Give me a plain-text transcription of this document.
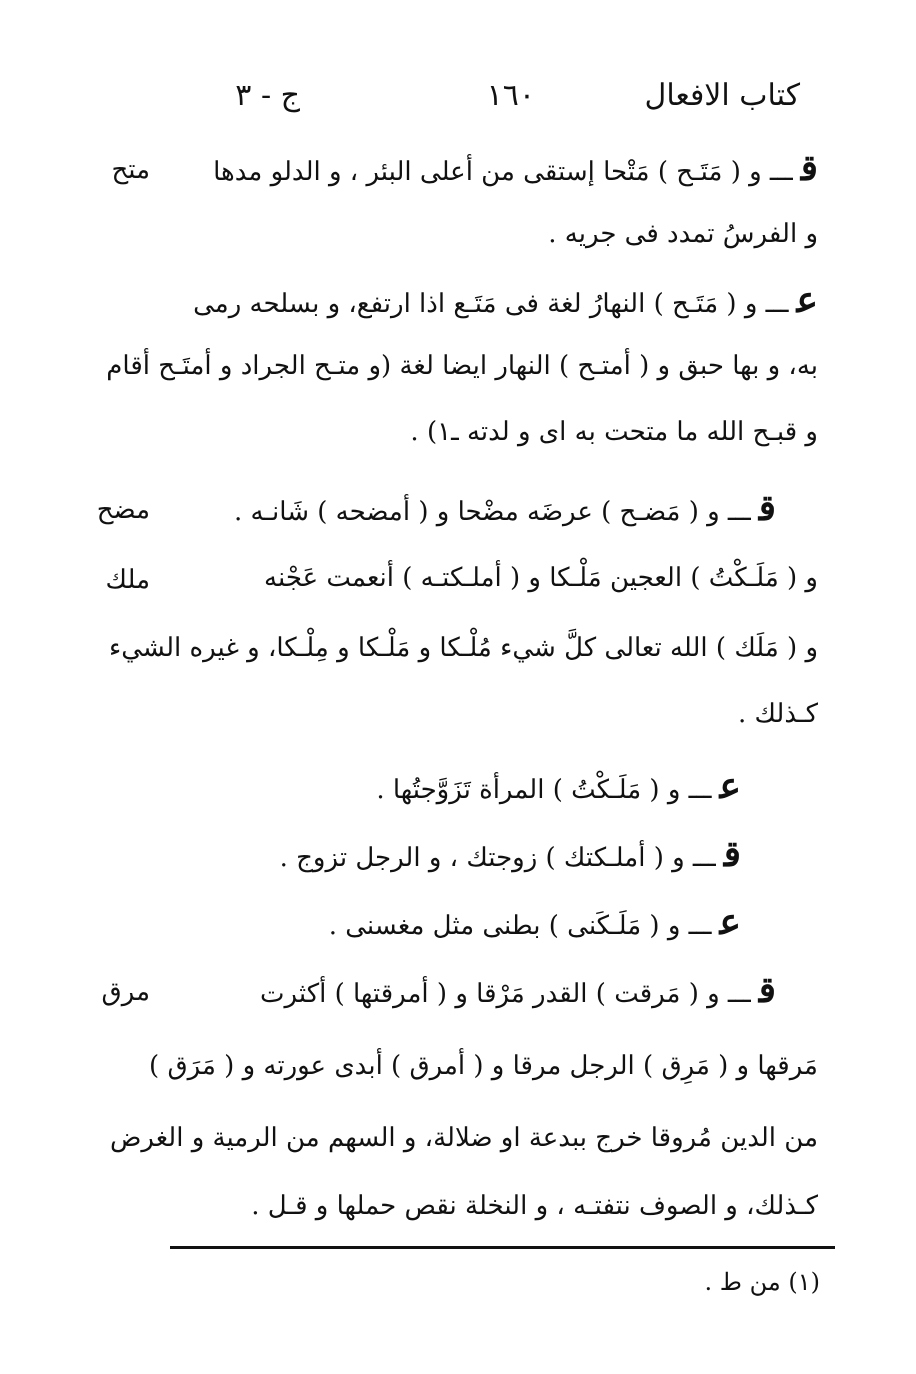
كتاب الافعال
١٦٠
ج - ٣
متح	قـــ و ( مَتَـح ) مَتْحا إستقى من أعلى البئر ، و الدلو مدها
و الفرسُ تمدد فى جريه .
عـــ و ( مَتَـح ) النهارُ لغة فى مَتَـع اذا ارتفع، و بسلحه رمى
به، و بها حبق و ( أمتـح ) النهار ايضا لغة (و متـح الجراد و أمتَـح أقام
و قبـح الله ما متحت به اى و لدته ـ١) .
مضح	قـــ و ( مَضـح ) عرضَه مضْحا و ( أمضحه ) شَانـه .
ملك	و ( مَلَـكْتُ ) العجين مَلْـكا و ( أملـكتـه ) أنعمت عَجْنه
و ( مَلَك ) الله تعالى كلَّ شيء مُلْـكا و مَلْـكا و مِلْـكا، و غيره الشيء
كـذلك .
عـــ و ( مَلَـكْتُ ) المرأة تَزَوَّجتُها .
قـــ و ( أملـكتك ) زوجتك ، و الرجل تزوج .
عـــ و ( مَلَـكَنى ) بطنى مثل مغسنى .
مرق	قـــ و ( مَرقت ) القدر مَرْقا و ( أمرقتها ) أكثرت
مَرقها و ( مَرِق ) الرجل مرقا و ( أمرق ) أبدى عورته و ( مَرَق )
من الدين مُروقا خرج ببدعة او ضلالة، و السهم من الرمية و الغرض
كـذلك، و الصوف نتفتـه ، و النخلة نقص حملها و قـل .
(١) من ط .
